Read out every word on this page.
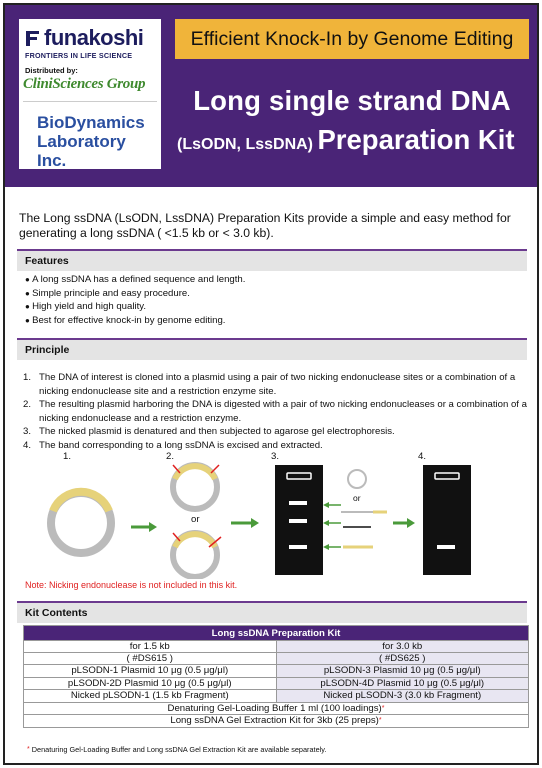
funakoshi
FRONTIERS IN LIFE SCIENCE
Distributed by:
CliniSciences Group
BioDynamics
Laboratory Inc.
Efficient Knock-In by Genome Editing
Long single strand DNA
(LsODN, LssDNA) Preparation Kit
The Long ssDNA (LsODN, LssDNA) Preparation Kits provide a simple and easy method for generating a long ssDNA ( <1.5 kb or < 3.0 kb).
Features
● A long ssDNA has a defined sequence and length.
● Simple principle and easy procedure.
● High yield and high quality.
● Best for effective knock-in by genome editing.
Principle
1. The DNA of interest is cloned into a plasmid using a pair of two nicking endonuclease sites or a combination of a nicking endonuclease site and a restriction enzyme site.
2. The resulting plasmid harboring the DNA is digested with a pair of two nicking endonucleases or a combination of a nicking endonuclease and a restriction enzyme.
3. The nicked plasmid is denatured and then subjected to agarose gel electrophoresis.
4. The band corresponding to a long ssDNA is excised and extracted.
1.	2.	3.	4.
or
or
Note: Nicking endonuclease is not included in this kit.
Kit Contents
Long ssDNA Preparation Kit	
for 1.5 kb	for 3.0 kb
( #DS615 )	( #DS625 )
pLSODN-1 Plasmid 10 μg (0.5 μg/μl)	pLSODN-3 Plasmid 10 μg (0.5 μg/μl)
pLSODN-2D Plasmid 10 μg (0.5 μg/μl)	pLSODN-4D Plasmid 10 μg (0.5 μg/μl)
Nicked pLSODN-1 (1.5 kb Fragment)	Nicked pLSODN-3 (3.0 kb Fragment)
Denaturing Gel-Loading Buffer 1 ml (100 loadings)*
Long ssDNA Gel Extraction Kit for 3kb (25 preps)*
* Denaturing Gel-Loading Buffer and Long ssDNA Gel Extraction Kit are available separately.
